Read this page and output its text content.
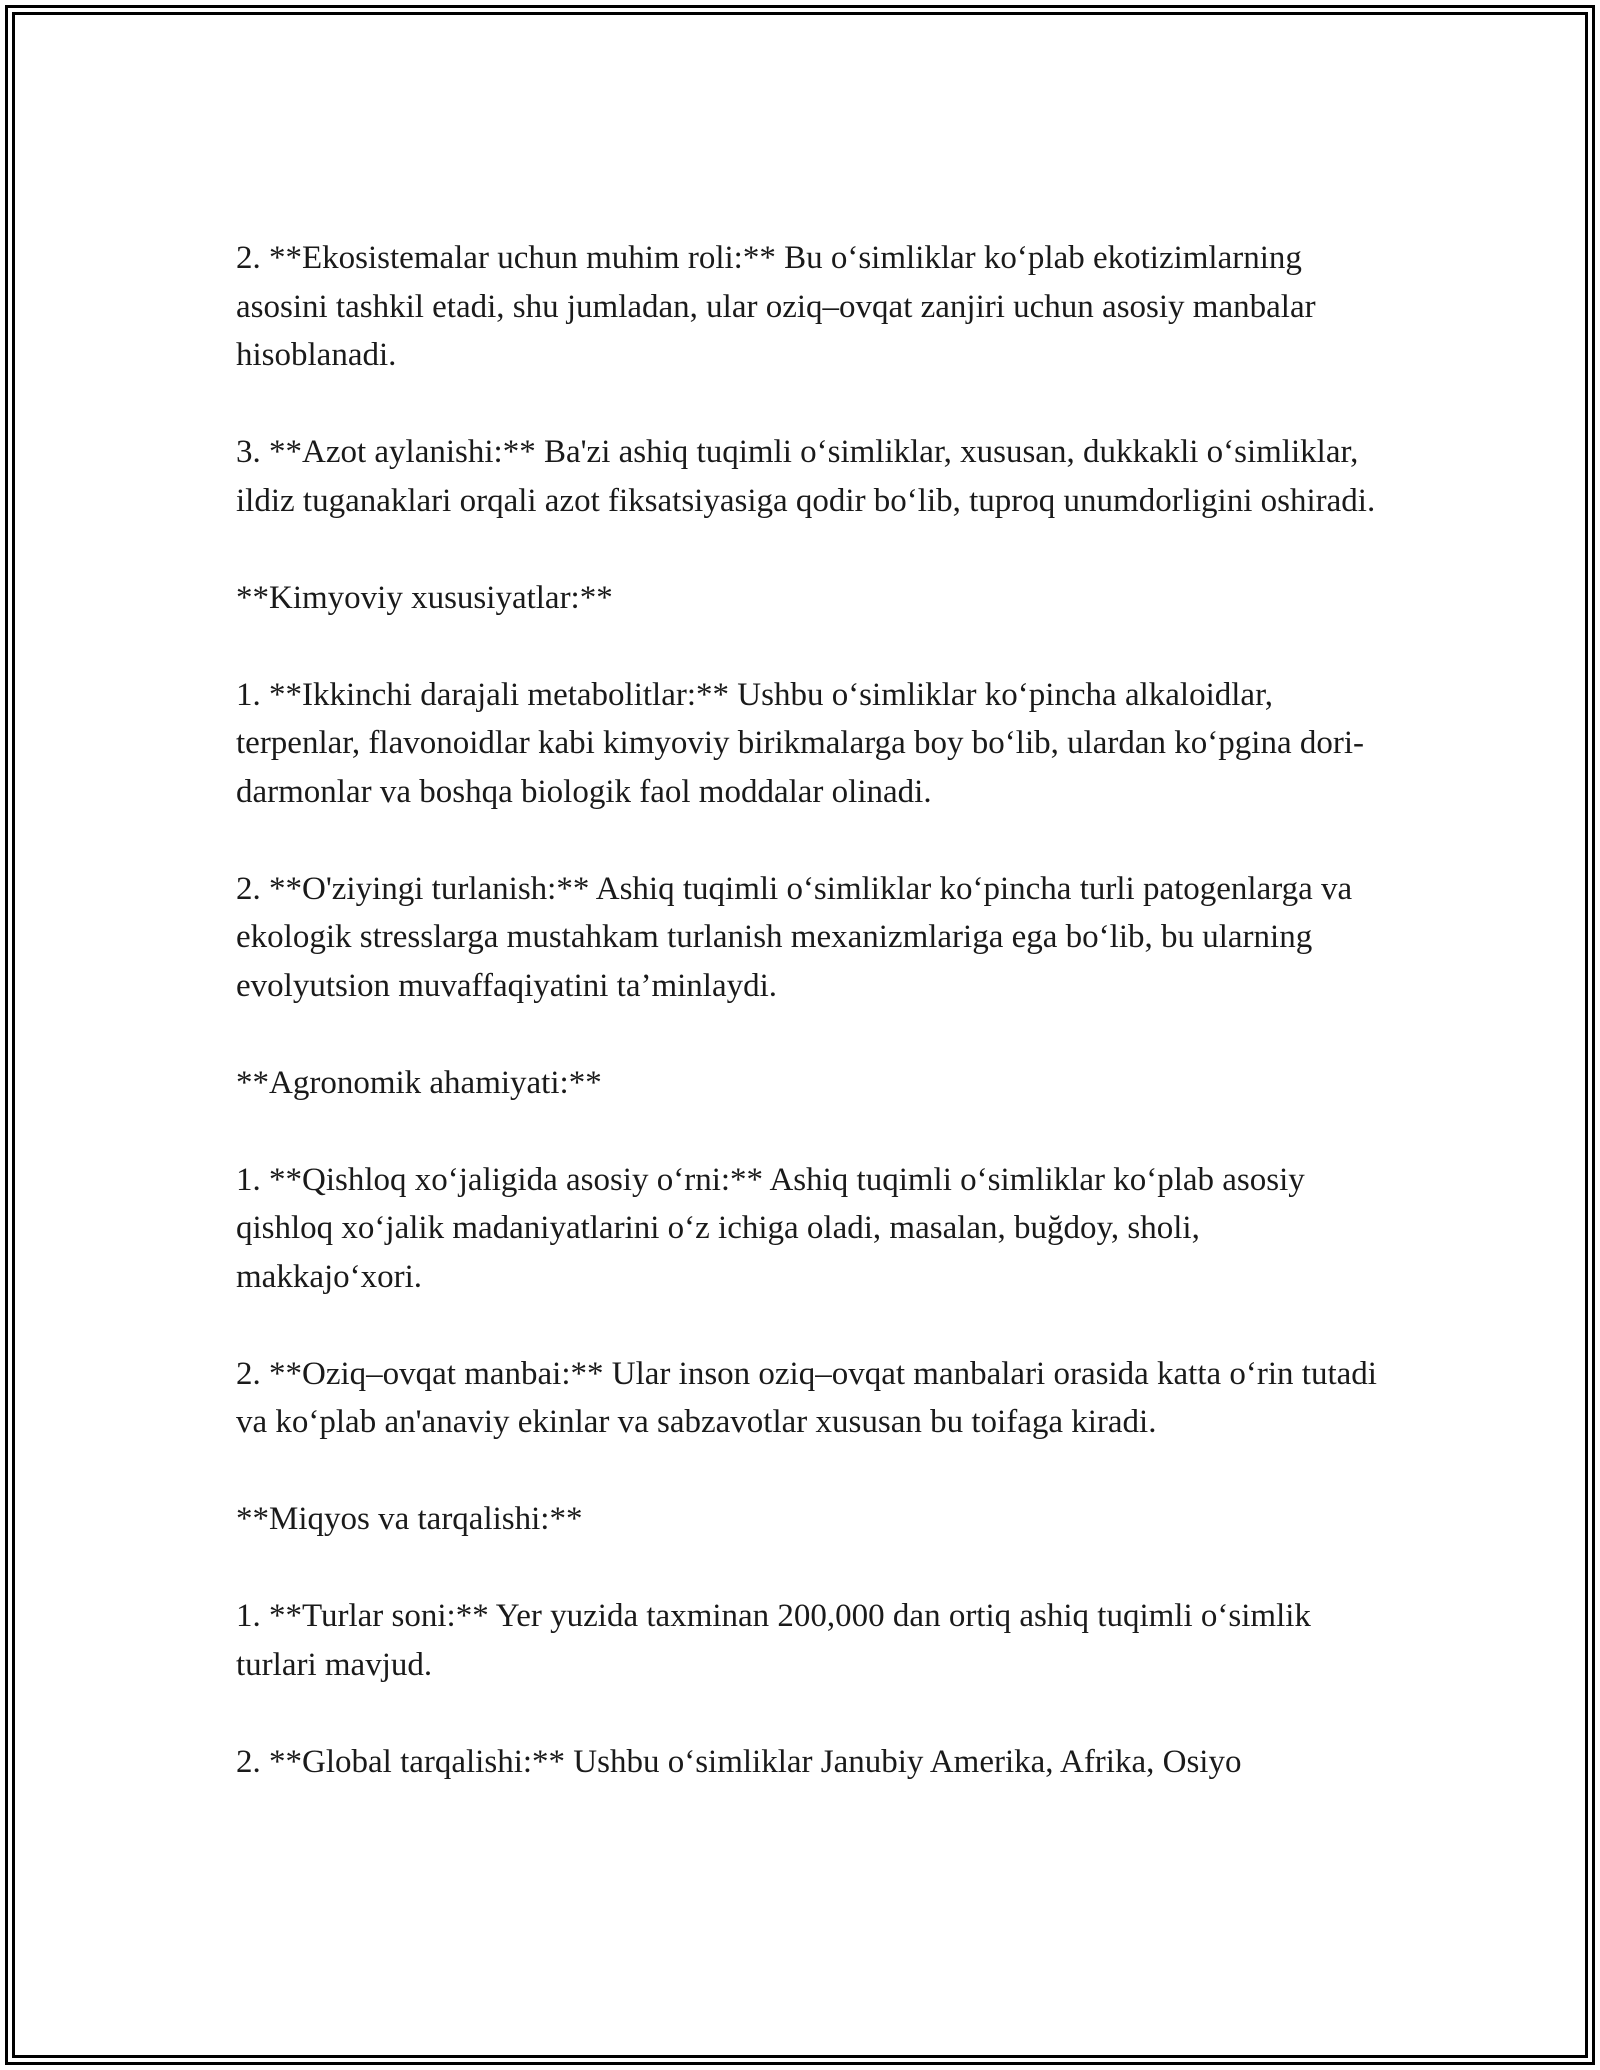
2. **Ekosistemalar uchun muhim roli:** Bu o‘simliklar ko‘plab ekotizimlarning asosini tashkil etadi, shu jumladan, ular oziq–ovqat zanjiri uchun asosiy manbalar hisoblanadi.

3. **Azot aylanishi:** Ba'zi ashiq tuqimli o‘simliklar, xususan, dukkakli o‘simliklar, ildiz tuganaklari orqali azot fiksatsiyasiga qodir bo‘lib, tuproq unumdorligini oshiradi.

**Kimyoviy xususiyatlar:**

1. **Ikkinchi darajali metabolitlar:** Ushbu o‘simliklar ko‘pincha alkaloidlar, terpenlar, flavonoidlar kabi kimyoviy birikmalarga boy bo‘lib, ulardan ko‘pgina dori-darmonlar va boshqa biologik faol moddalar olinadi.

2. **O'ziyingi turlanish:** Ashiq tuqimli o‘simliklar ko‘pincha turli patogenlarga va ekologik stresslarga mustahkam turlanish mexanizmlariga ega bo‘lib, bu ularning evolyutsion muvaffaqiyatini ta’minlaydi.

**Agronomik ahamiyati:**

1. **Qishloq xo‘jaligida asosiy o‘rni:** Ashiq tuqimli o‘simliklar ko‘plab asosiy qishloq xo‘jalik madaniyatlarini o‘z ichiga oladi, masalan, buğdoy, sholi, makkajo‘xori.

2. **Oziq–ovqat manbai:** Ular inson oziq–ovqat manbalari orasida katta o‘rin tutadi va ko‘plab an'anaviy ekinlar va sabzavotlar xususan bu toifaga kiradi.

**Miqyos va tarqalishi:**

1. **Turlar soni:** Yer yuzida taxminan 200,000 dan ortiq ashiq tuqimli o‘simlik turlari mavjud.

2. **Global tarqalishi:** Ushbu o‘simliklar Janubiy Amerika, Afrika, Osiyo
